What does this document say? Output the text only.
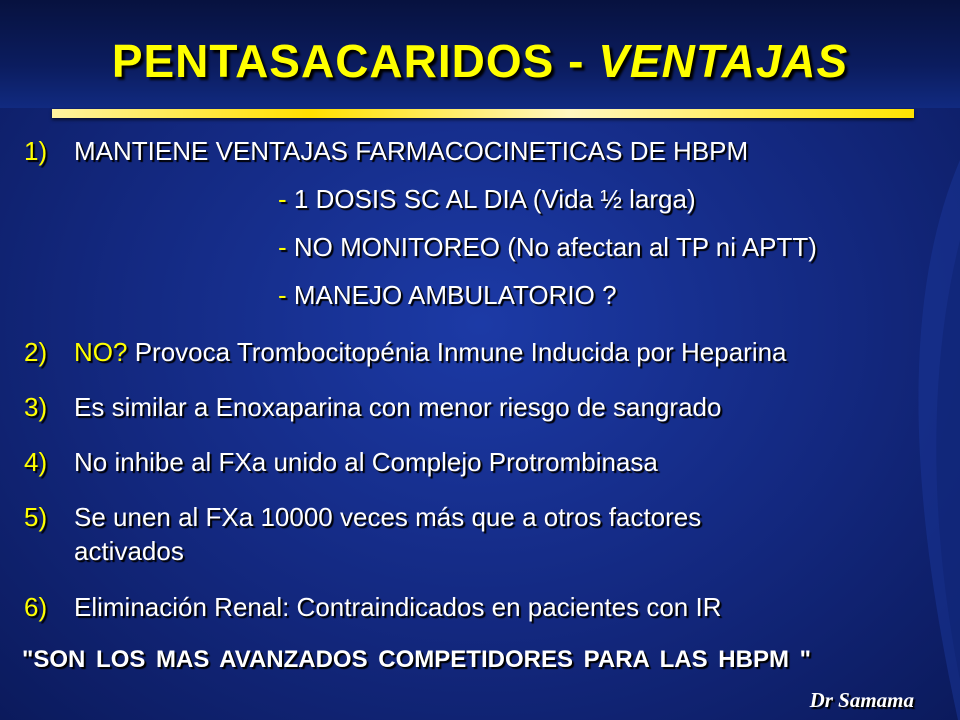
PENTASACARIDOS - VENTAJAS
1) MANTIENE VENTAJAS FARMACOCINETICAS DE HBPM
- 1 DOSIS SC AL DIA (Vida ½ larga)
- NO MONITOREO (No afectan al TP ni APTT)
- MANEJO AMBULATORIO ?
2) NO? Provoca Trombocitopénia Inmune Inducida por Heparina
3) Es similar a Enoxaparina con menor riesgo de sangrado
4) No inhibe al FXa unido al Complejo Protrombinasa
5) Se unen al FXa 10000 veces más que a otros factores
activados
6) Eliminación Renal: Contraindicados en pacientes con IR
"SON LOS MAS AVANZADOS COMPETIDORES PARA LAS HBPM "
Dr Samama
